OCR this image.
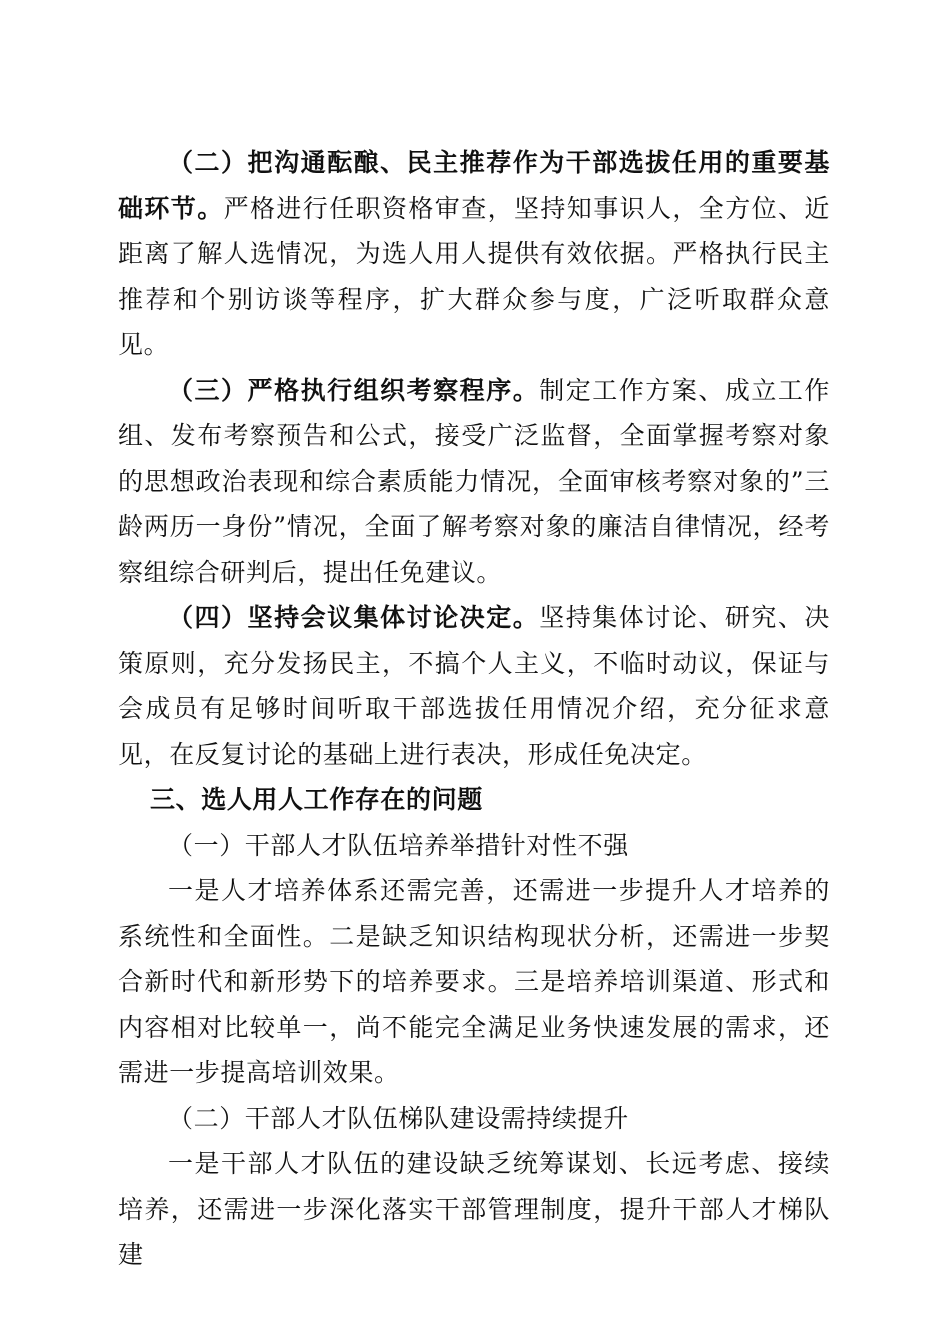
（二）把沟通酝酿、民主推荐作为干部选拔任用的重要基础环节。严格进行任职资格审查，坚持知事识人，全方位、近距离了解人选情况，为选人用人提供有效依据。严格执行民主推荐和个别访谈等程序，扩大群众参与度，广泛听取群众意见。

（三）严格执行组织考察程序。制定工作方案、成立工作组、发布考察预告和公式，接受广泛监督，全面掌握考察对象的思想政治表现和综合素质能力情况，全面审核考察对象的”三龄两历一身份”情况，全面了解考察对象的廉洁自律情况，经考察组综合研判后，提出任免建议。

（四）坚持会议集体讨论决定。坚持集体讨论、研究、决策原则，充分发扬民主，不搞个人主义，不临时动议，保证与会成员有足够时间听取干部选拔任用情况介绍，充分征求意见，在反复讨论的基础上进行表决，形成任免决定。

三、选人用人工作存在的问题

（一）干部人才队伍培养举措针对性不强

一是人才培养体系还需完善，还需进一步提升人才培养的系统性和全面性。二是缺乏知识结构现状分析，还需进一步契合新时代和新形势下的培养要求。三是培养培训渠道、形式和内容相对比较单一，尚不能完全满足业务快速发展的需求，还需进一步提高培训效果。

（二）干部人才队伍梯队建设需持续提升

一是干部人才队伍的建设缺乏统筹谋划、长远考虑、接续培养，还需进一步深化落实干部管理制度，提升干部人才梯队建
